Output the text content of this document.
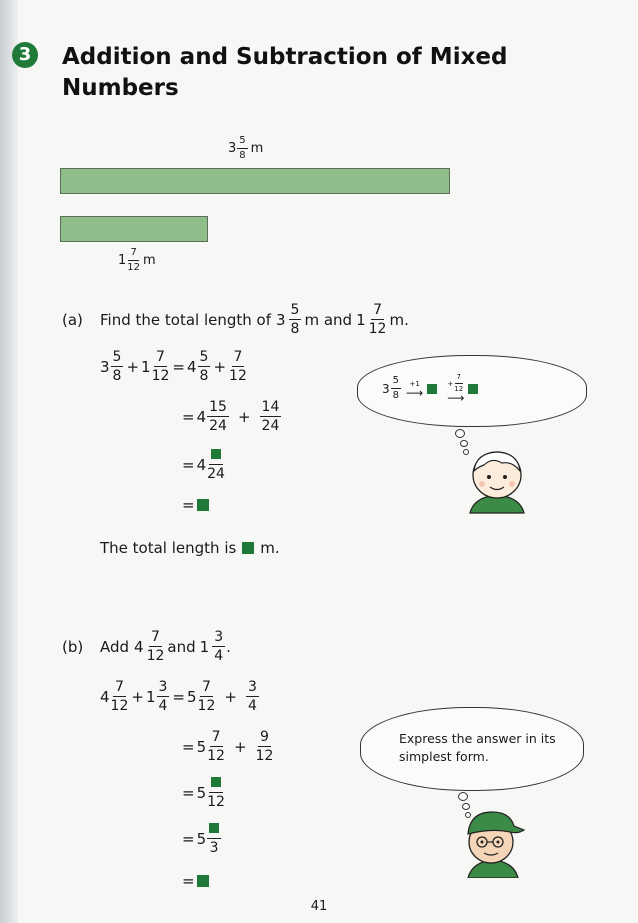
3 Addition and Subtraction of Mixed
Numbers
$3 \frac{5}{8}$ m
$1 \frac{7}{12}$ m
(a)	Find the total length of $3 \frac{5}{8}$ m and $1 \frac{7}{12} m$.
$3 \frac{5}{8} + 1 \frac{7}{12} = 4 \frac{5}{8} + \frac{7}{12}$
= $4 \frac{15}{24} + \frac{14}{24}$
= 4
24
=
The total length is m.
$3 \frac{5}{8} +1$
⟶
+ $\frac{7}{12}$
⟶
(b)	Add $4 \frac{7}{12}$ and $1 \frac{3}{4}$ .
$4 \frac{7}{12} + 1 \frac{3}{4} = 5 \frac{7}{12} + \frac{3}{4}$
= $5 \frac{7}{12} + \frac{9}{12}$
= 5
12
= 5
3
=
Express the answer in its simplest form.
41
